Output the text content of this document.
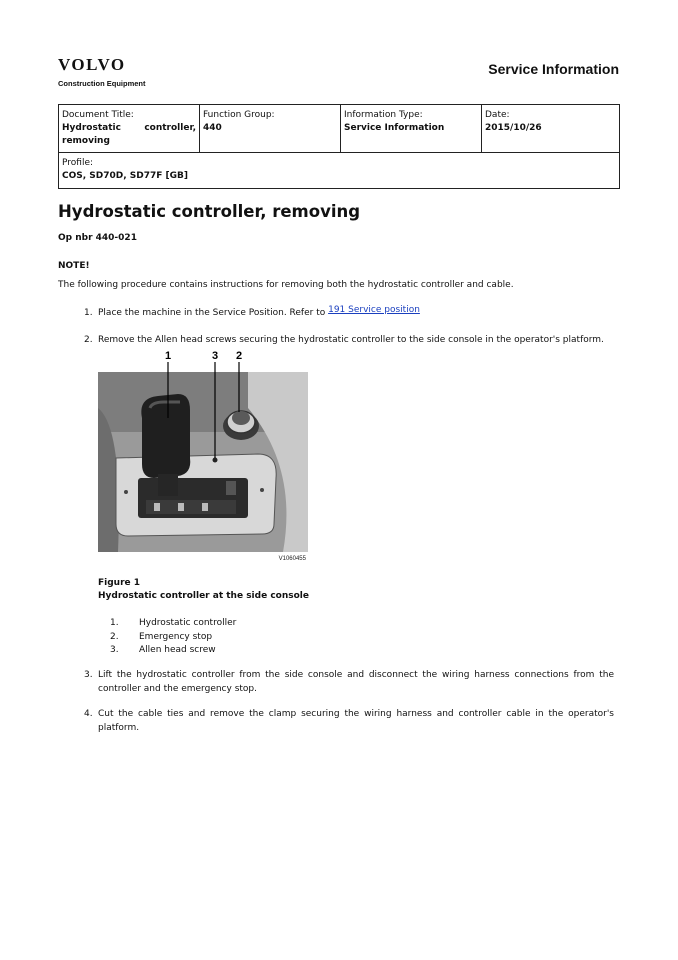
VOLVO
Construction Equipment
Service Information
Document Title:
Hydrostatic	controller,
removing

Function Group:
440

Information Type:
Service Information

Date:
2015/10/26

Profile:
COS, SD70D, SD77F [GB]
Hydrostatic controller, removing
Op nbr 440-021
NOTE!
The following procedure contains instructions for removing both the hydrostatic controller and cable.
1. Place the machine in the Service Position. Refer to 191 Service position
2. Remove the Allen head screws securing the hydrostatic controller to the side console in the operator's platform.
1	3 2
V1060455
Figure 1
Hydrostatic controller at the side console
1.	Hydrostatic controller
2.	Emergency stop
3.	Allen head screw
3. Lift the hydrostatic controller from the side console and disconnect the wiring harness connections from the
controller and the emergency stop.
4. Cut the cable ties and remove the clamp securing the wiring harness and controller cable in the operator's
platform.
